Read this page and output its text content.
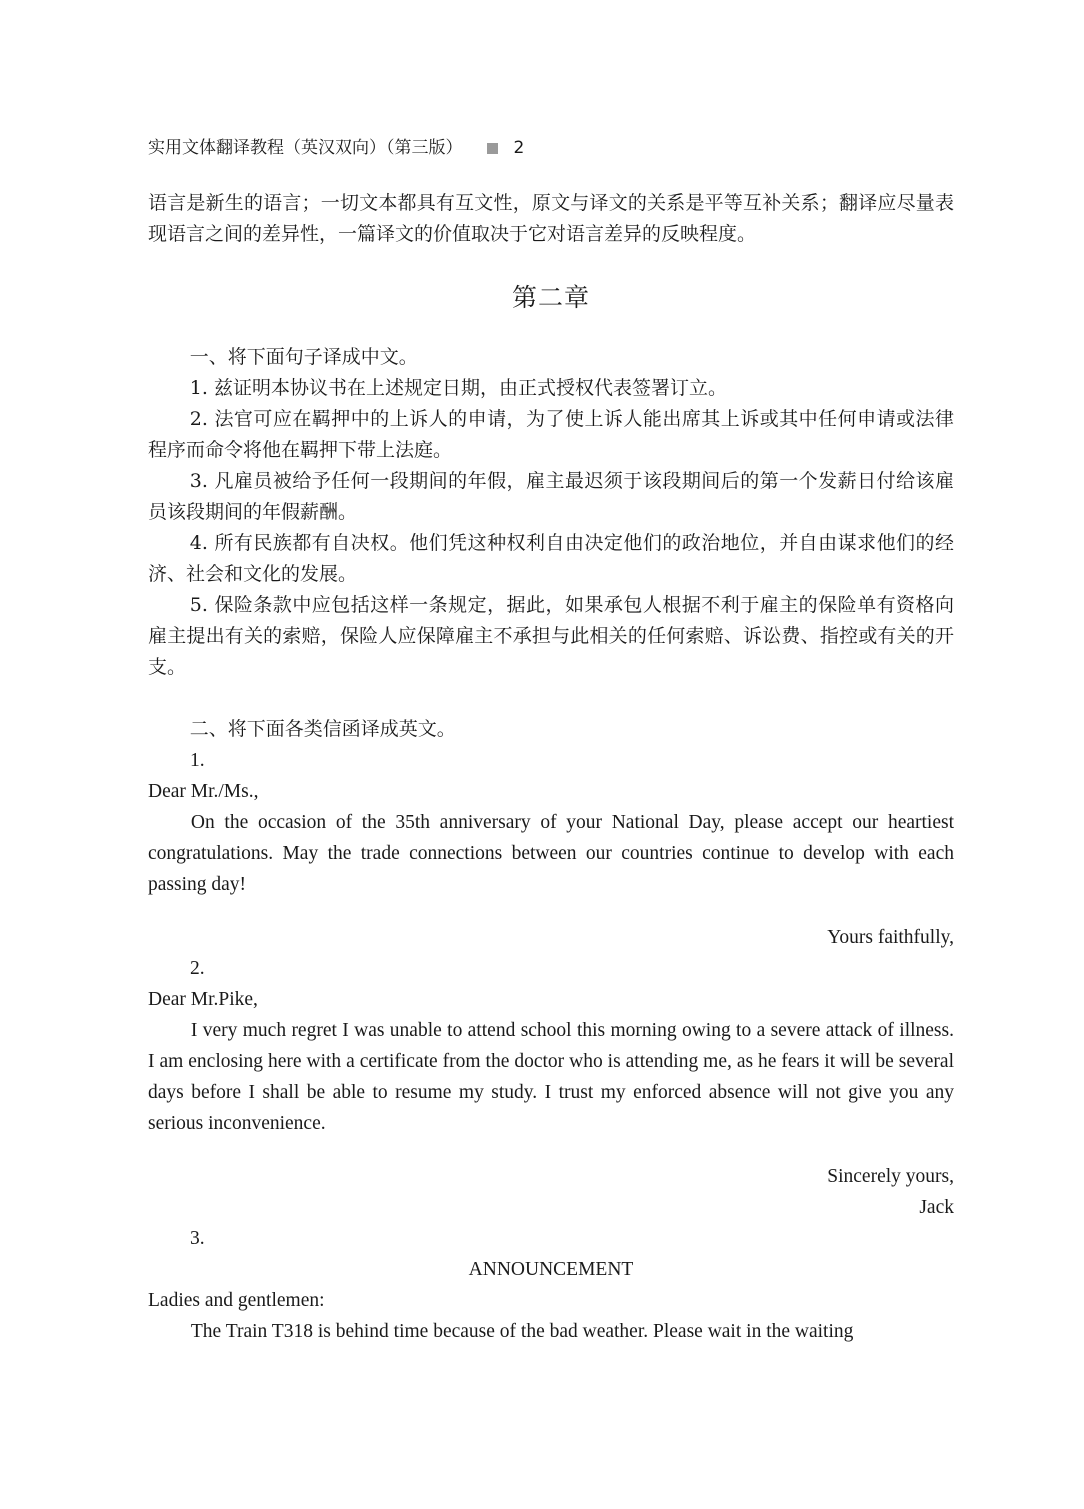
实用文体翻译教程（英汉双向）（第三版）	2

语言是新生的语言；一切文本都具有互文性，原文与译文的关系是平等互补关系；翻译应尽量表现语言之间的差异性，一篇译文的价值取决于它对语言差异的反映程度。

第二章

一、将下面句子译成中文。

1. 兹证明本协议书在上述规定日期，由正式授权代表签署订立。

2. 法官可应在羁押中的上诉人的申请，为了使上诉人能出席其上诉或其中任何申请或法律程序而命令将他在羁押下带上法庭。

3. 凡雇员被给予任何一段期间的年假，雇主最迟须于该段期间后的第一个发薪日付给该雇员该段期间的年假薪酬。

4. 所有民族都有自决权。他们凭这种权利自由决定他们的政治地位，并自由谋求他们的经济、社会和文化的发展。

5. 保险条款中应包括这样一条规定，据此，如果承包人根据不利于雇主的保险单有资格向雇主提出有关的索赔，保险人应保障雇主不承担与此相关的任何索赔、诉讼费、指控或有关的开支。

二、将下面各类信函译成英文。

1.

Dear Mr./Ms.,

On the occasion of the 35th anniversary of your National Day, please accept our heartiest congratulations. May the trade connections between our countries continue to develop with each passing day!

Yours faithfully,

2.

Dear Mr.Pike,

I very much regret I was unable to attend school this morning owing to a severe attack of illness. I am enclosing here with a certificate from the doctor who is attending me, as he fears it will be several days before I shall be able to resume my study. I trust my enforced absence will not give you any serious inconvenience.

Sincerely yours,

Jack

3.

ANNOUNCEMENT

Ladies and gentlemen:

The Train T318 is behind time because of the bad weather. Please wait in the waiting
